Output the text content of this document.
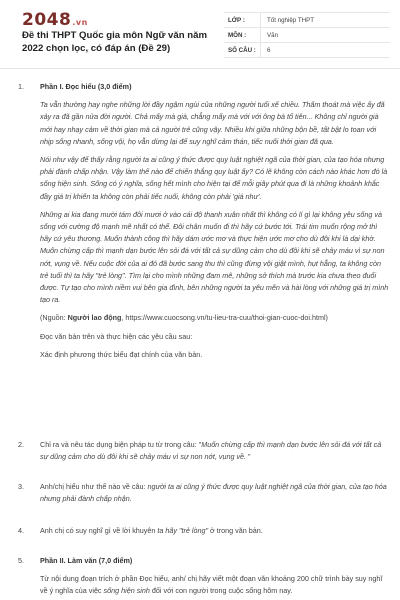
2048.vn
Đề thi THPT Quốc gia môn Ngữ văn năm 2022 chọn lọc, có đáp án (Đề 29)
LỚP :	Tốt nghiệp THPT
MÔN :	Văn
SỐ CÂU :	6
1.	Phần I. Đọc hiểu (3,0 điểm)

Ta vẫn thường hay nghe những lời đầy ngậm ngùi của những người tuổi xế chiều. Thấm thoát mà việc ấy đã xảy ra đã gần nửa đời người. Chả mấy mà già, chẳng mấy mà với với ông bà tổ tiên... Không chỉ người già mới hay nhạy cảm về thời gian mà cả người trẻ cũng vậy. Nhiều khi giữa những bộn bề, tất bật lo toan với nhịp sống nhanh, sống vội, họ vẫn dừng lại để suy nghĩ cảm thán, tiếc nuối thời gian đã qua.

Nói như vậy để thấy rằng người ta ai cũng ý thức được quy luật nghiệt ngã của thời gian, của tạo hóa nhưng phải đành chấp nhận. Vậy làm thế nào để chiến thắng quy luật ấy? Có lẽ không còn cách nào khác hơn đó là sống hiện sinh. Sống có ý nghĩa, sống hết mình cho hiện tại để mỗi giây phút qua đi là những khoảnh khắc đầy giá trị khiến ta không còn phải tiếc nuối, không còn phải 'giá như'.

Những ai kia đang mười tám đôi mươi ở vào cái độ thanh xuân nhất thì không có lí gì lại không yêu sống và sống với cường độ mạnh mẽ nhất có thể. Đôi chân muốn đi thì hãy cứ bước tới. Trái tim muốn rộng mở thì hãy cứ yêu thương. Muốn thành công thì hãy dám ước mơ và thực hiện ước mơ cho dù đôi khi là dại khờ. Muốn chừng cấp thì mạnh dạn bước lên sỏi đá với tất cả sự dũng cảm cho dù đôi khi sẽ chảy máu vì sự non nớt, vụng về. Nếu cuộc đời của ai đó đã bước sang thu thì cũng đừng vội giật mình, hụt hẫng, ta không còn trẻ tuổi thì ta hãy "trẻ lòng". Tìm lại cho mình những đam mê, những sở thích mà trước kia chưa theo đuổi được. Tự tạo cho mình niềm vui bên gia đình, bên những người ta yêu mến và hài lòng với những giá trị mình tạo ra.

(Nguồn: Người lao động, https://www.cuocsong.vn/tu-lieu-tra-cuu/thoi-gian-cuoc-doi.html)

Đọc văn bản trên và thực hiện các yêu cầu sau:

Xác định phương thức biểu đạt chính của văn bản.

2.	Chỉ ra và nêu tác dụng biện pháp tu từ trong câu: "Muốn chừng cấp thì mạnh dạn bước lên sỏi đá với tất cả sự dũng cảm cho dù đôi khi sẽ chảy máu vì sự non nớt, vụng về. "

3.	Anh/chị hiểu như thế nào về câu: người ta ai cũng ý thức được quy luật nghiệt ngã của thời gian, của tạo hóa nhưng phải đành chấp nhận.

4.	Anh chị có suy nghĩ gì về lời khuyên ta hãy "trẻ lòng" ở trong văn bản.

5.	Phần II. Làm văn (7,0 điểm)

Từ nội dung đoạn trích ở phần Đọc hiểu, anh/ chị hãy viết một đoạn văn khoảng 200 chữ trình bày suy nghĩ về ý nghĩa của việc sống hiện sinh đối với con người trong cuộc sống hôm nay.
